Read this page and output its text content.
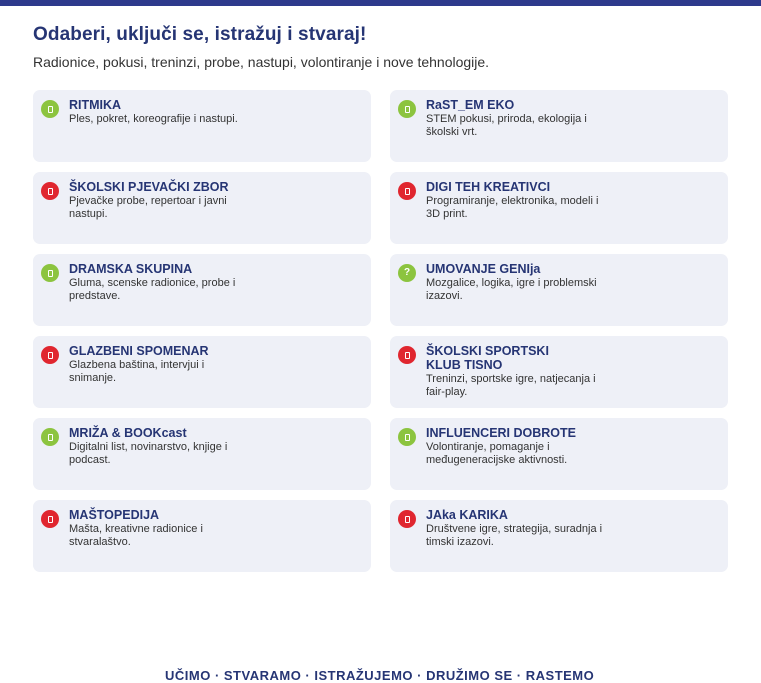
Odaberi, uključi se, istražuj i stvaraj!

Radionice, pokusi, treninzi, probe, nastupi, volontiranje i nove tehnologije.

RITMIKA
Ples, pokret, koreografije i nastupi.
RaST_EM EKO
STEM pokusi, priroda, ekologija i školski vrt.
ŠKOLSKI PJEVAČKI ZBOR
Pjevačke probe, repertoar i javni nastupi.
DIGI TEH KREATIVCI
Programiranje, elektronika, modeli i 3D print.
DRAMSKA SKUPINA
Gluma, scenske radionice, probe i predstave.
?	UMOVANJE GENIja
Mozgalice, logika, igre i problemski izazovi.
GLAZBENI SPOMENAR
Glazbena baština, intervjui i snimanje.
ŠKOLSKI SPORTSKI KLUB TISNO
Treninzi, sportske igre, natjecanja i fair-play.
MRIŽA & BOOKcast
Digitalni list, novinarstvo, knjige i podcast.
INFLUENCERI DOBROTE
Volontiranje, pomaganje i međugeneracijske aktivnosti.
MAŠTOPEDIJA
Mašta, kreativne radionice i stvaralaštvo.
JAka KARIKA
Društvene igre, strategija, suradnja i timski izazovi.

UČIMO · STVARAMO · ISTRAŽUJEMO · DRUŽIMO SE · RASTEMO
